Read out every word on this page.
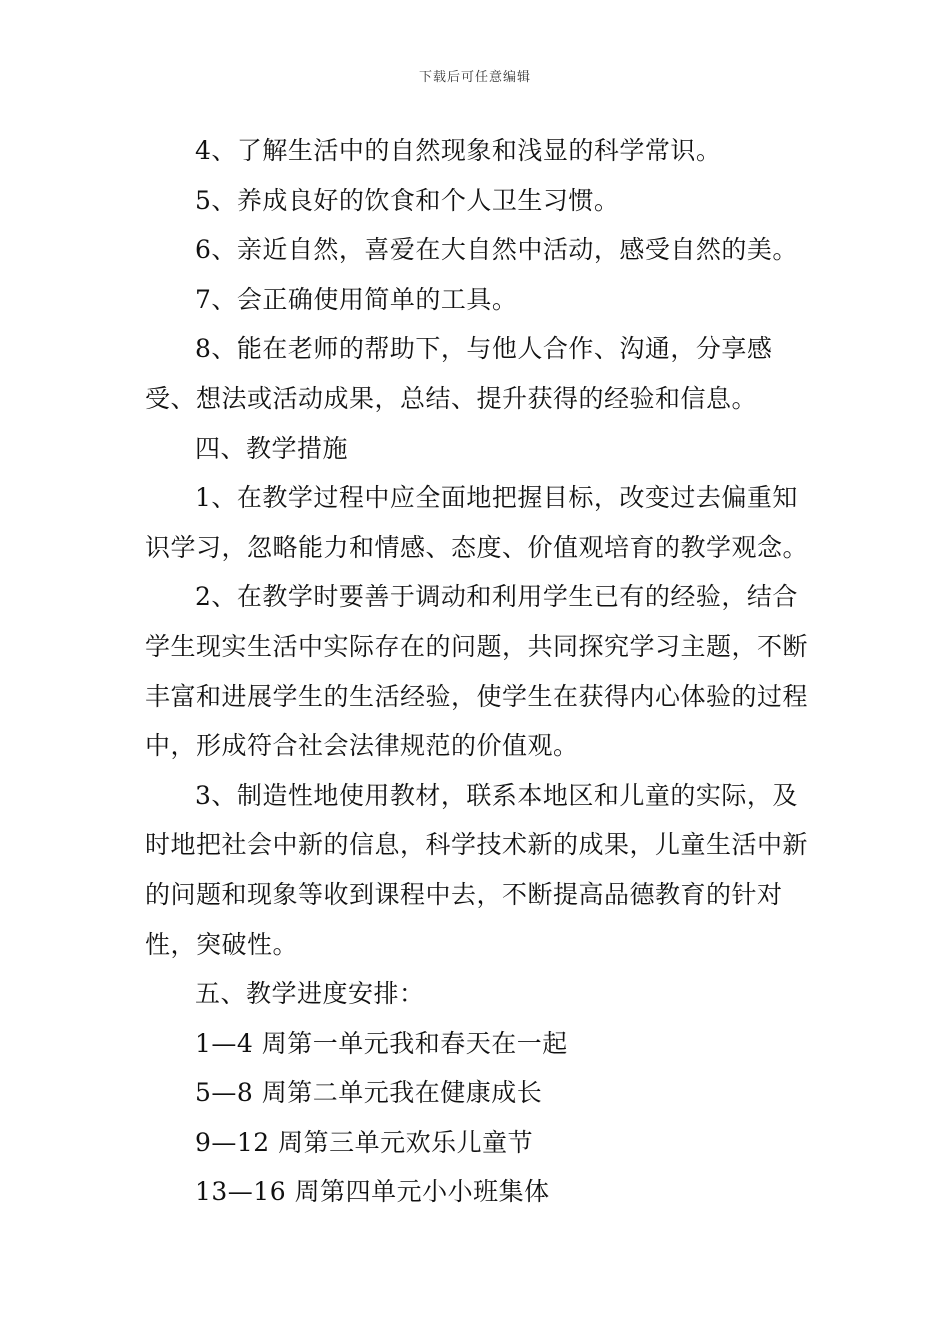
下载后可任意编辑

4、了解生活中的自然现象和浅显的科学常识。

5、养成良好的饮食和个人卫生习惯。

6、亲近自然，喜爱在大自然中活动，感受自然的美。

7、会正确使用简单的工具。

8、能在老师的帮助下，与他人合作、沟通，分享感受、想法或活动成果，总结、提升获得的经验和信息。

四、教学措施

1、在教学过程中应全面地把握目标，改变过去偏重知识学习，忽略能力和情感、态度、价值观培育的教学观念。

2、在教学时要善于调动和利用学生已有的经验，结合学生现实生活中实际存在的问题，共同探究学习主题，不断丰富和进展学生的生活经验，使学生在获得内心体验的过程中，形成符合社会法律规范的价值观。

3、制造性地使用教材，联系本地区和儿童的实际，及时地把社会中新的信息，科学技术新的成果，儿童生活中新的问题和现象等收到课程中去，不断提高品德教育的针对性，突破性。

五、教学进度安排：

1—4 周第一单元我和春天在一起

5—8 周第二单元我在健康成长

9—12 周第三单元欢乐儿童节

13—16 周第四单元小小班集体
